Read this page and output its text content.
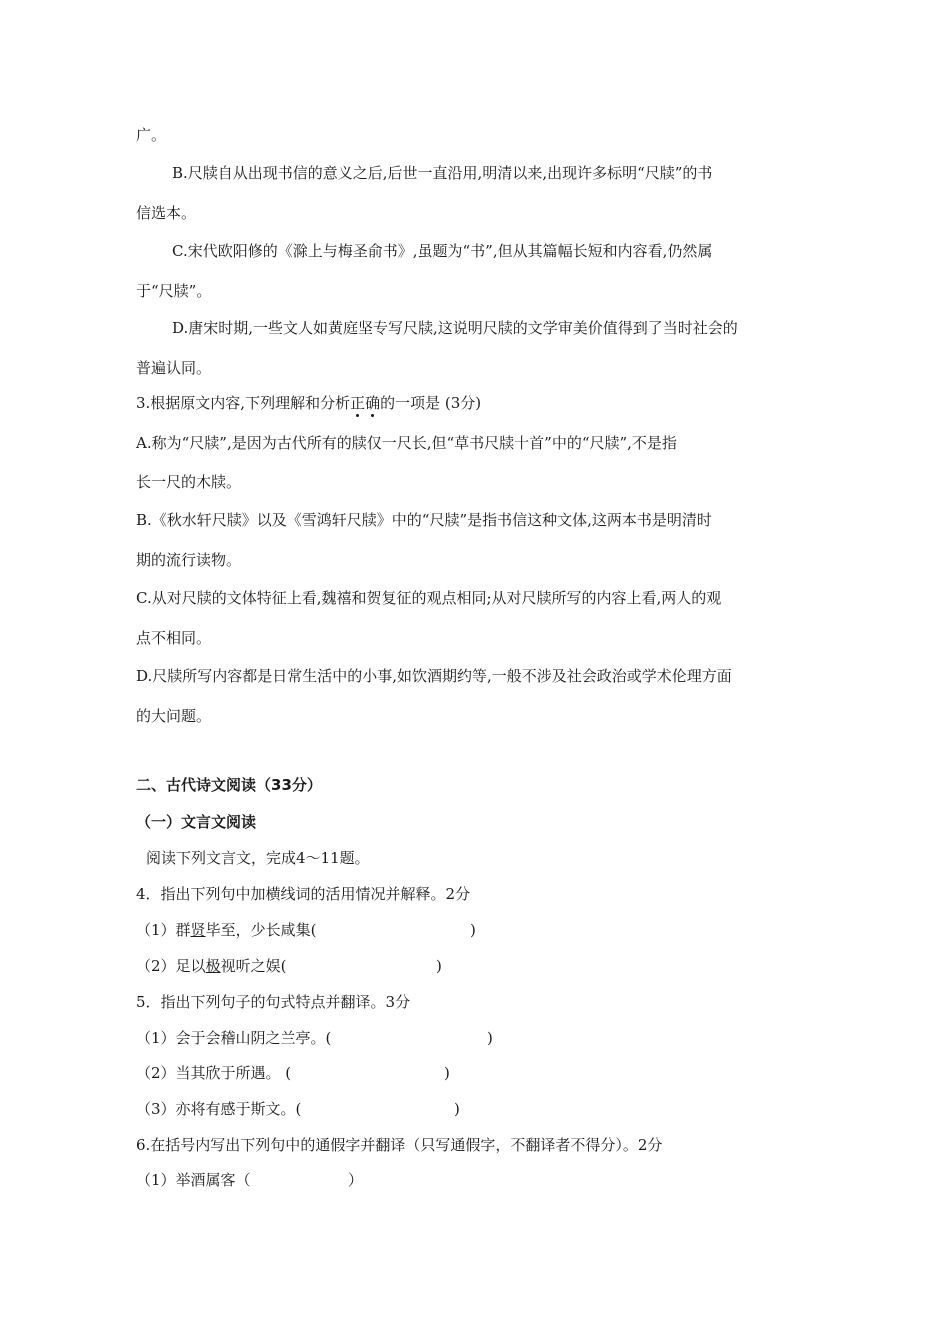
广。
B.尺牍自从出现书信的意义之后,后世一直沿用,明清以来,出现许多标明“尺牍”的书
信选本。
C.宋代欧阳修的《滁上与梅圣俞书》,虽题为“书”,但从其篇幅长短和内容看,仍然属
于“尺牍”。
D.唐宋时期,一些文人如黄庭坚专写尺牍,这说明尺牍的文学审美价值得到了当时社会的
普遍认同。
3.根据原文内容,下列理解和分析正确的一项是 (3分)
A.称为“尺牍”,是因为古代所有的牍仅一尺长,但“草书尺牍十首”中的“尺牍”,不是指
长一尺的木牍。
B.《秋水轩尺牍》以及《雪鸿轩尺牍》中的“尺牍”是指书信这种文体,这两本书是明清时
期的流行读物。
C.从对尺牍的文体特征上看,魏禧和贺复征的观点相同;从对尺牍所写的内容上看,两人的观
点不相同。
D.尺牍所写内容都是日常生活中的小事,如饮酒期约等,一般不涉及社会政治或学术伦理方面
的大问题。
二、古代诗文阅读（33分）
（一）文言文阅读
阅读下列文言文，完成4～11题。
4．指出下列句中加横线词的活用情况并解释。2分
（1）群贤毕至，少长咸集(	)
（2）足以极视听之娱(	)
5．指出下列句子的句式特点并翻译。3分
（1）会于会稽山阴之兰亭。(	)
（2）当其欣于所遇。 (	)
（3）亦将有感于斯文。(	)
6.在括号内写出下列句中的通假字并翻译（只写通假字，不翻译者不得分）。2分
（1）举酒属客（	）
